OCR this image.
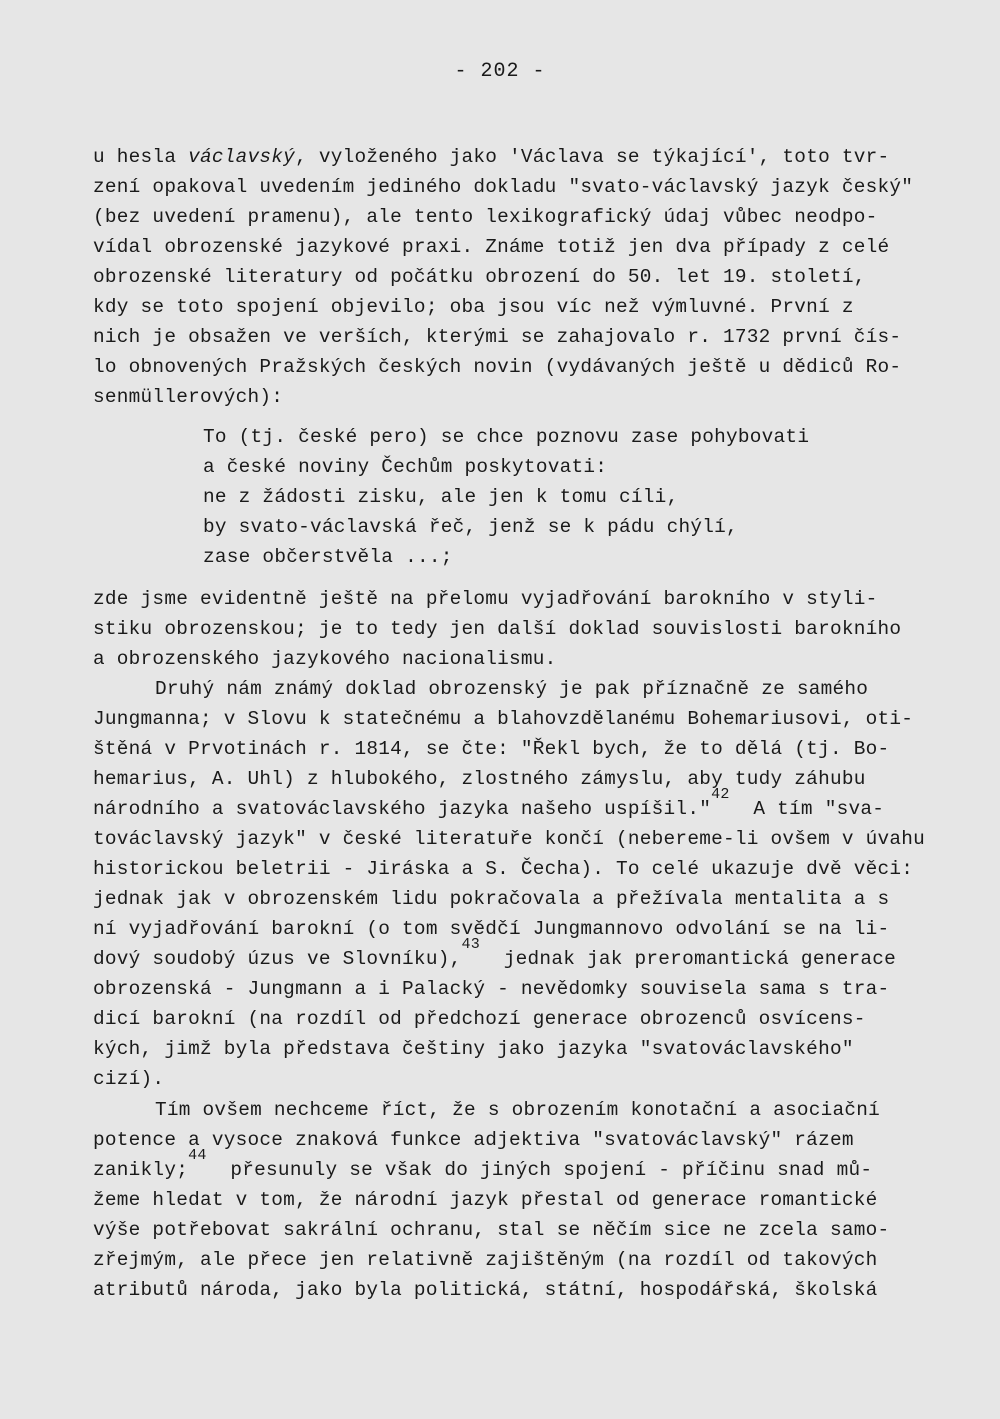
- 202 -
u hesla václavský, vyloženého jako 'Václava se týkající', toto tvr-
zení opakoval uvedením jediného dokladu "svato-václavský jazyk český"
(bez uvedení pramenu), ale tento lexikografický údaj vůbec neodpo-
vídal obrozenské jazykové praxi. Známe totiž jen dva případy z celé
obrozenské literatury od počátku obrození do 50. let 19. století,
kdy se toto spojení objevilo; oba jsou víc než výmluvné. První z
nich je obsažen ve verších, kterými se zahajovalo r. 1732 první čís-
lo obnovených Pražských českých novin (vydávaných ještě u dědiců Ro-
senmüllerových):
To (tj. české pero) se chce poznovu zase pohybovati
a české noviny Čechům poskytovati:
ne z žádosti zisku, ale jen k tomu cíli,
by svato-václavská řeč, jenž se k pádu chýlí,
zase občerstvěla ...;
zde jsme evidentně ještě na přelomu vyjadřování barokního v styli-
stiku obrozenskou; je to tedy jen další doklad souvislosti barokního
a obrozenského jazykového nacionalismu.
Druhý nám známý doklad obrozenský je pak příznačně ze samého
Jungmanna; v Slovu k statečnému a blahovzdělanému Bohemariusovi, oti-
štěná v Prvotinách r. 1814, se čte: "Řekl bych, že to dělá (tj. Bo-
hemarius, A. Uhl) z hlubokého, zlostného zámyslu, aby tudy záhubu
národního a svatováclavského jazyka našeho uspíšil."$^{42}$  A tím "sva-
továclavský jazyk" v české literatuře končí (nebereme-li ovšem v úvahu
historickou beletrii - Jiráska a S. Čecha). To celé ukazuje dvě věci:
jednak jak v obrozenském lidu pokračovala a přežívala mentalita a s
ní vyjadřování barokní (o tom svědčí Jungmannovo odvolání se na li-
dový soudobý úzus ve Slovníku),$^{43}$  jednak jak preromantická generace
obrozenská - Jungmann a i Palacký - nevědomky souvisela sama s tra-
dicí barokní (na rozdíl od předchozí generace obrozenců osvícens-
kých, jimž byla představa češtiny jako jazyka "svatováclavského"
cizí).
Tím ovšem nechceme říct, že s obrozením konotační a asociační
potence a vysoce znaková funkce adjektiva "svatováclavský" rázem
zanikly;$^{44}$  přesunuly se však do jiných spojení - příčinu snad mů-
žeme hledat v tom, že národní jazyk přestal od generace romantické
výše potřebovat sakrální ochranu, stal se něčím sice ne zcela samo-
zřejmým, ale přece jen relativně zajištěným (na rozdíl od takových
atributů národa, jako byla politická, státní, hospodářská, školská
